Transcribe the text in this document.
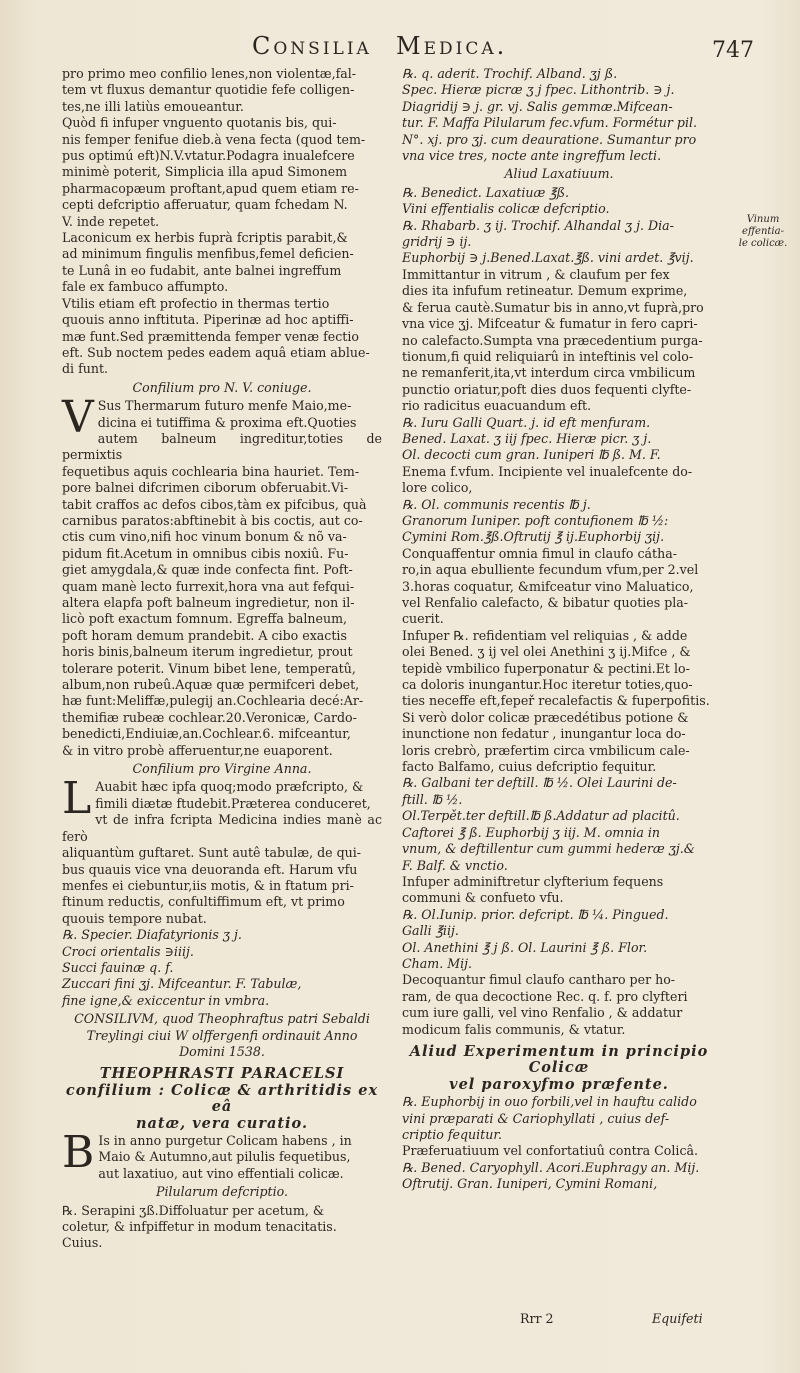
Consilia Medica.	747

pro primo meo confilio lenes,non violentæ,fal-
tem vt fluxus demantur quotidie fefe colligen-
tes,ne illi latiùs emoueantur.

Quòd fi infuper vnguento quotanis bis, qui-
nis femper fenifue dieb.à vena fecta (quod tem-
pus optimú eft)N.V.vtatur.Podagra inualefcere
minimè poterit, Simplicia illa apud Simonem
pharmacopæum proftant,apud quem etiam re-
cepti defcriptio afferuatur, quam fchedam N.
V. inde repetet.

Laconicum ex herbis fuprà fcriptis parabit,&
ad minimum fingulis menfibus,femel deficien-
te Lunâ in eo fudabit, ante balnei ingreffum
fale ex fambuco affumpto.

Vtilis etiam eft profectio in thermas tertio
quouis anno inftituta. Piperinæ ad hoc aptiffi-
mæ funt.Sed præmittenda femper venæ fectio
eft. Sub noctem pedes eadem aquâ etiam ablue-
di funt.

Confilium pro N. V. coniuge.

VSus Thermarum futuro menfe Maio,me-
dicina ei tutiffima & proxima eft.Quoties
autem balneum ingreditur,toties de permixtis
fequetibus aquis cochlearia bina hauriet. Tem-
pore balnei difcrimen ciborum obferuabit.Vi-
tabit craffos ac defos cibos,tàm ex pifcibus, quà
carnibus paratos:abftinebit à bis coctis, aut co-
ctis cum vino,nifi hoc vinum bonum & nõ va-
pidum fit.Acetum in omnibus cibis noxiû. Fu-
giet amygdala,& quæ inde confecta fint. Poft-
quam manè lecto furrexit,hora vna aut fefqui-
altera elapfa poft balneum ingredietur, non il-
licò poft exactum fomnum. Egreffa balneum,
poft horam demum prandebit. A cibo exactis
horis binis,balneum iterum ingredietur, prout
tolerare poterit. Vinum bibet lene, temperatû,
album,non rubeû.Aquæ quæ permifceri debet,
hæ funt:Meliffæ,pulegij an.Cochlearia decé:Ar-
themifiæ rubeæ cochlear.20.Veronicæ, Cardo-
benedicti,Endiuiæ,an.Cochlear.6. mifceantur,
& in vitro probè afferuentur,ne euaporent.

Confilium pro Virgine Anna.

LAuabit hæc ipfa quoq;modo præfcripto, &
fimili diætæ ftudebit.Præterea conduceret,
vt de infra fcripta Medicina indies manè ac ferò
aliquantùm guftaret. Sunt autê tabulæ, de qui-
bus quauis vice vna deuoranda eft. Harum vfu
menfes ei ciebuntur,iis motis, & in ftatum pri-
ftinum reductis, confultiffimum eft, vt primo
quouis tempore nubat.

℞. Specier. Diafatyrionis ʒ j.
Croci orientalis ∋iiij.
Succi fauinæ q. f.
Zuccari fini ʒj. Mifceantur. F. Tabulæ,
fine igne,& exiccentur in vmbra.

CONSILIVM, quod Theophraftus patri Sebaldi
Treylingi ciui W olffergenfi ordinauit Anno
Domini 1538.

THEOPHRASTI PARACELSI
confilium : Colicæ & arthritidis ex eâ
natæ, vera curatio.

BIs in anno purgetur Colicam habens , in
Maio & Autumno,aut pilulis fequetibus,
aut laxatiuo, aut vino effentiali colicæ.

Pilularum defcriptio.

℞. Serapini ʒß.Diffoluatur per acetum, &
coletur, & infpiffetur in modum tenacitatis.
Cuius.

℞. q. aderit. Trochif. Alband. ʒj ß.
Spec. Hieræ picræ ʒ j fpec. Lithontrib. ∋ j.
Diagridij ∋ j. gr. vj. Salis gemmæ.Mifcean-
tur. F. Maffa Pilularum fec.vfum. Formétur pil.
N°. xj. pro ʒj. cum deauratione. Sumantur pro
vna vice tres, nocte ante ingreffum lecti.

Aliud Laxatiuum.

℞. Benedict. Laxatiuæ ℥ß.
Vini effentialis colicæ defcriptio.
℞. Rhabarb. ʒ ij. Trochif. Alhandal ʒ j. Dia-
gridrij ∋ ij.
Euphorbij ∋ j.Bened.Laxat.℥ß. vini ardet. ℥vij.

Immittantur in vitrum , & claufum per fex
dies ita infufum retineatur. Demum exprime,
& ferua cautè.Sumatur bis in anno,vt fuprà,pro
vna vice ʒj. Mifceatur & fumatur in fero capri-
no calefacto.Sumpta vna præcedentium purga-
tionum,fi quid reliquiarû in inteftinis vel colo-
ne remanferit,ita,vt interdum circa vmbilicum
punctio oriatur,poft dies duos fequenti clyfte-
rio radicitus euacuandum eft.

℞. Iuru Galli Quart. j. id eft menfuram.
Bened. Laxat. ʒ iij fpec. Hieræ picr. ʒ j.
Ol. decocti cum gran. Iuniperi ℔ ß. M. F.

Enema f.vfum. Incipiente vel inualefcente do-
lore colico,

℞. Ol. communis recentis ℔ j.
Granorum Iuniper. poft contufionem ℔ ½:
Cymini Rom.℥ß.Oftrutij ℥ ij.Euphorbij ʒij.

Conquaffentur omnia fimul in claufo cátha-
ro,in aqua ebulliente fecundum vfum,per 2.vel
3.horas coquatur, &mifceatur vino Maluatico,
vel Renfalio calefacto, & bibatur quoties pla-
cuerit.

Infuper ℞. refidentiam vel reliquias , & adde
olei Bened. ʒ ij vel olei Anethini ʒ ij.Mifce , &
tepidè vmbilico fuperponatur & pectini.Et lo-
ca doloris inungantur.Hoc iteretur toties,quo-
ties neceffe eft,fepeř recalefactis & fuperpofitis.

Si verò dolor colicæ præcedétibus potione &
inunctione non fedatur , inungantur loca do-
loris crebrò, præfertim circa vmbilicum cale-
facto Balfamo, cuius defcriptio fequitur.

℞. Galbani ter deftill. ℔ ½. Olei Laurini de-
ftill. ℔ ½.
Ol.Terpět.ter deftill.℔ ß.Addatur ad placitû.
Caftorei ℥ ß. Euphorbij ʒ iij. M. omnia in
vnum, & deftillentur cum gummi hederæ ʒj.&
F. Balf. & vnctio.

Infuper adminiftretur clyfterium fequens
communi & confueto vfu.

℞. Ol.Iunip. prior. defcript. ℔ ¼. Pingued.
Galli ℥iij.
Ol. Anethini ℥ j ß. Ol. Laurini ℥ ß. Flor.
Cham. Mij.

Decoquantur fimul claufo cantharo per ho-
ram, de qua decoctione Rec. q. f. pro clyfteri
cum iure galli, vel vino Renfalio , & addatur
modicum falis communis, & vtatur.

Aliud Experimentum in principio Colicæ
vel paroxyfmo præfente.

℞. Euphorbij in ouo forbili,vel in hauftu calido
vini præparati & Cariophyllati , cuius def-
criptio fequitur.

Præferuatiuum vel confortatiuû contra Colicâ.

℞. Bened. Caryophyll. Acori.Euphragy an. Mij.
Oftrutij. Gran. Iuniperi, Cymini Romani,

Vinum
effentia-
le colicæ.
Rrr 2	Equifeti
